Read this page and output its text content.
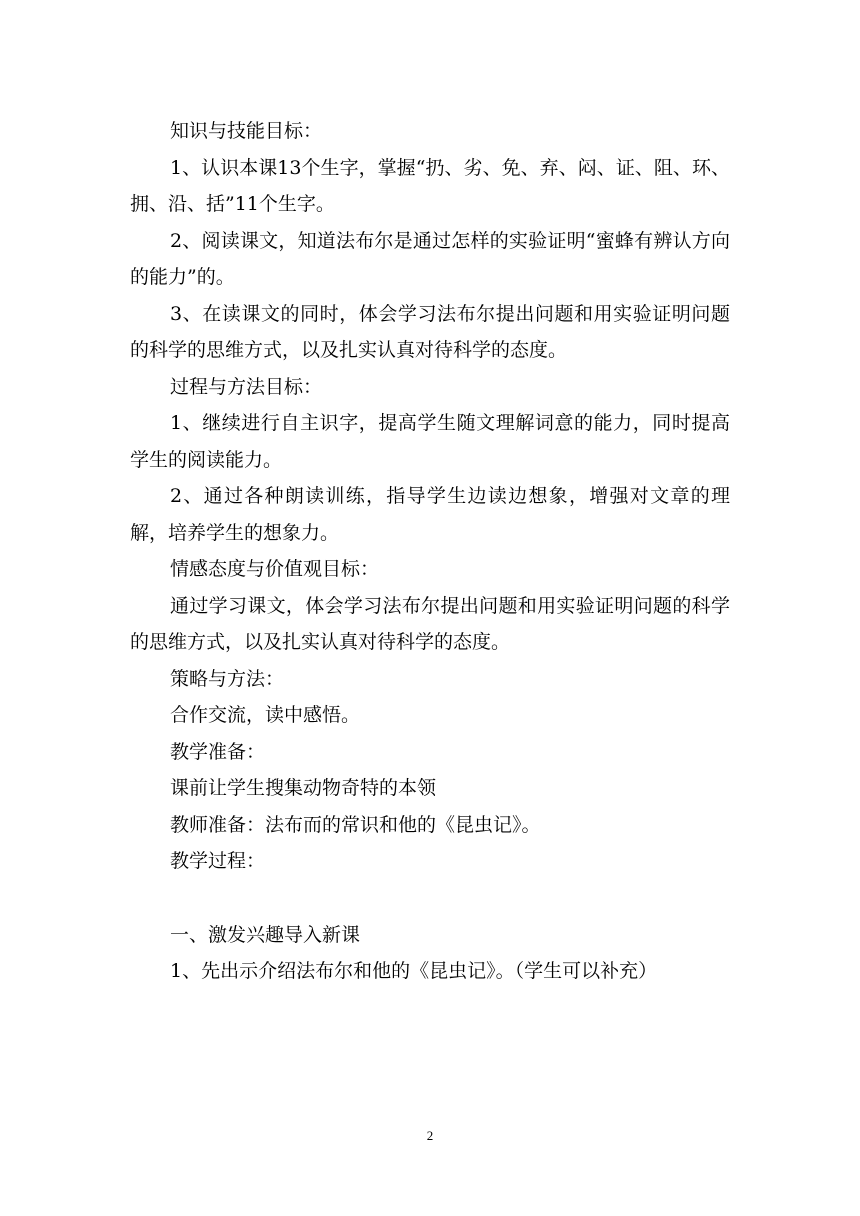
知识与技能目标：

1、认识本课13个生字，掌握“扔、劣、免、弃、闷、证、阻、环、拥、沿、括”11个生字。

2、阅读课文，知道法布尔是通过怎样的实验证明“蜜蜂有辨认方向的能力”的。

3、在读课文的同时，体会学习法布尔提出问题和用实验证明问题的科学的思维方式，以及扎实认真对待科学的态度。

过程与方法目标：

1、继续进行自主识字，提高学生随文理解词意的能力，同时提高学生的阅读能力。

2、通过各种朗读训练，指导学生边读边想象，增强对文章的理解，培养学生的想象力。

情感态度与价值观目标：

通过学习课文，体会学习法布尔提出问题和用实验证明问题的科学的思维方式，以及扎实认真对待科学的态度。

策略与方法：

合作交流，读中感悟。

教学准备：

课前让学生搜集动物奇特的本领

教师准备：法布而的常识和他的《昆虫记》。

教学过程：

一、激发兴趣导入新课

1、先出示介绍法布尔和他的《昆虫记》。（学生可以补充）

2
